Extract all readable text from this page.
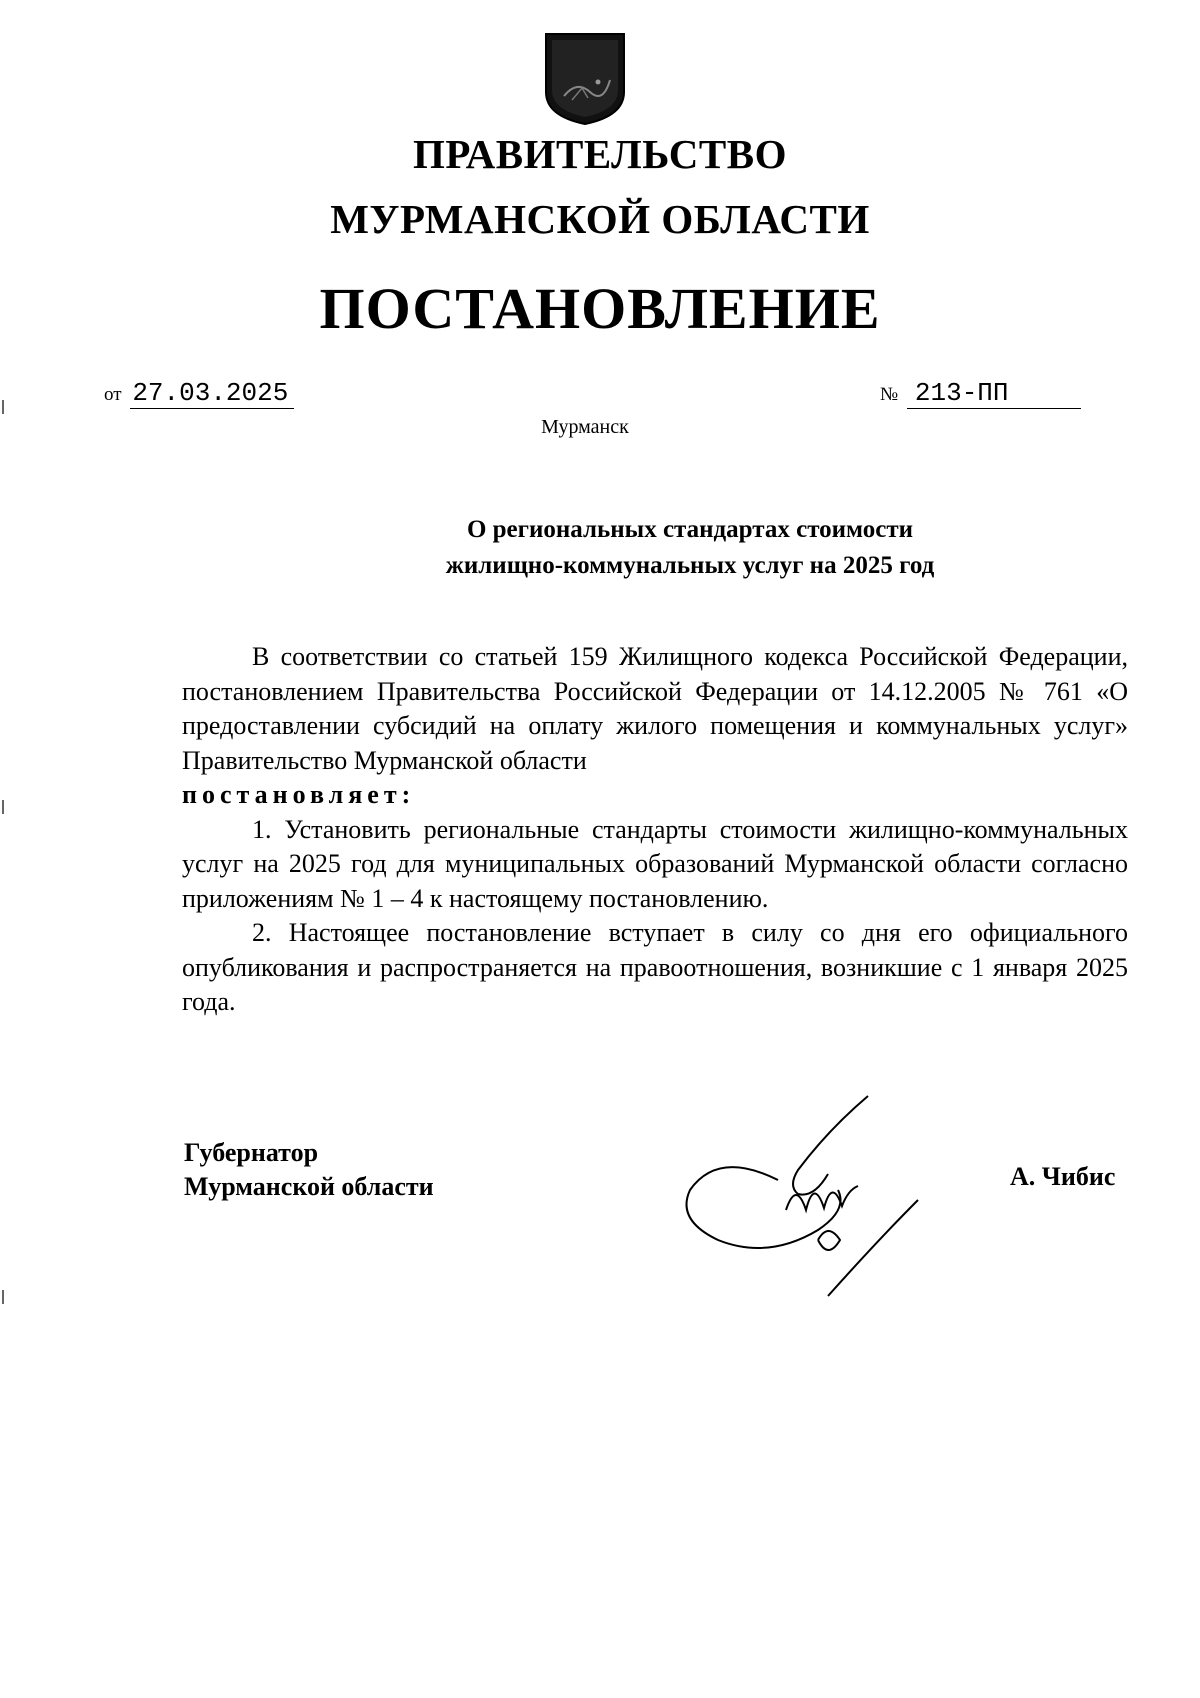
ПРАВИТЕЛЬСТВО
МУРМАНСКОЙ ОБЛАСТИ
ПОСТАНОВЛЕНИЕ
от 27.03.2025	№ 213-ПП
Мурманск
О региональных стандартах стоимости
жилищно-коммунальных услуг на 2025 год

В соответствии со статьей 159 Жилищного кодекса Российской Федерации, постановлением Правительства Российской Федерации от 14.12.2005 № 761 «О предоставлении субсидий на оплату жилого помещения и коммунальных услуг» Правительство Мурманской области

постановляет:

1. Установить региональные стандарты стоимости жилищно-коммунальных услуг на 2025 год для муниципальных образований Мурманской области согласно приложениям № 1 – 4 к настоящему постановлению.

2. Настоящее постановление вступает в силу со дня его официального опубликования и распространяется на правоотношения, возникшие с 1 января 2025 года.

Губернатор
Мурманской области	А. Чибис
